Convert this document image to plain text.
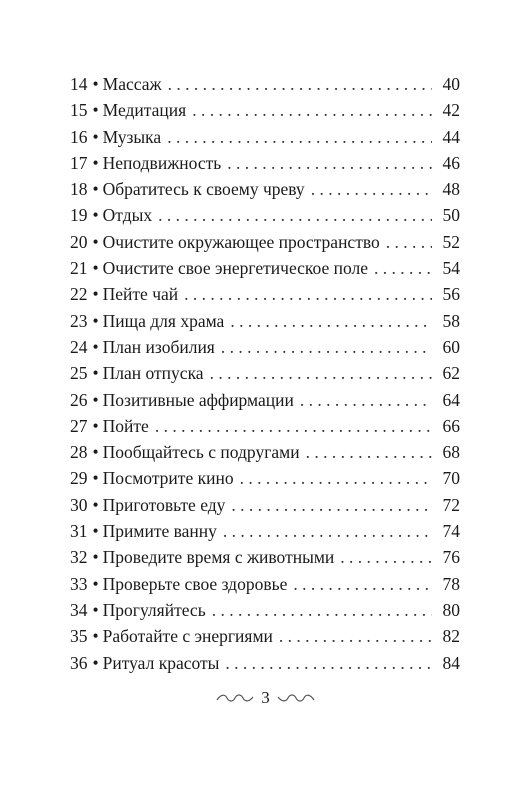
14 • Массаж . . .	40
15 • Медитация . . .	42
16 • Музыка . . .	44
17 • Неподвижность . . .	46
18 • Обратитесь к своему чреву . . .	48
19 • Отдых . . .	50
20 • Очистите окружающее пространство . . .	52
21 • Очистите свое энергетическое поле . . .	54
22 • Пейте чай . . .	56
23 • Пища для храма . . .	58
24 • План изобилия . . .	60
25 • План отпуска . . .	62
26 • Позитивные аффирмации . . .	64
27 • Пойте . . .	66
28 • Пообщайтесь с подругами . . .	68
29 • Посмотрите кино . . .	70
30 • Приготовьте еду . . .	72
31 • Примите ванну . . .	74
32 • Проведите время с животными . . .	76
33 • Проверьте свое здоровье . . .	78
34 • Прогуляйтесь . . .	80
35 • Работайте с энергиями . . .	82
36 • Ритуал красоты . . .	84
3
